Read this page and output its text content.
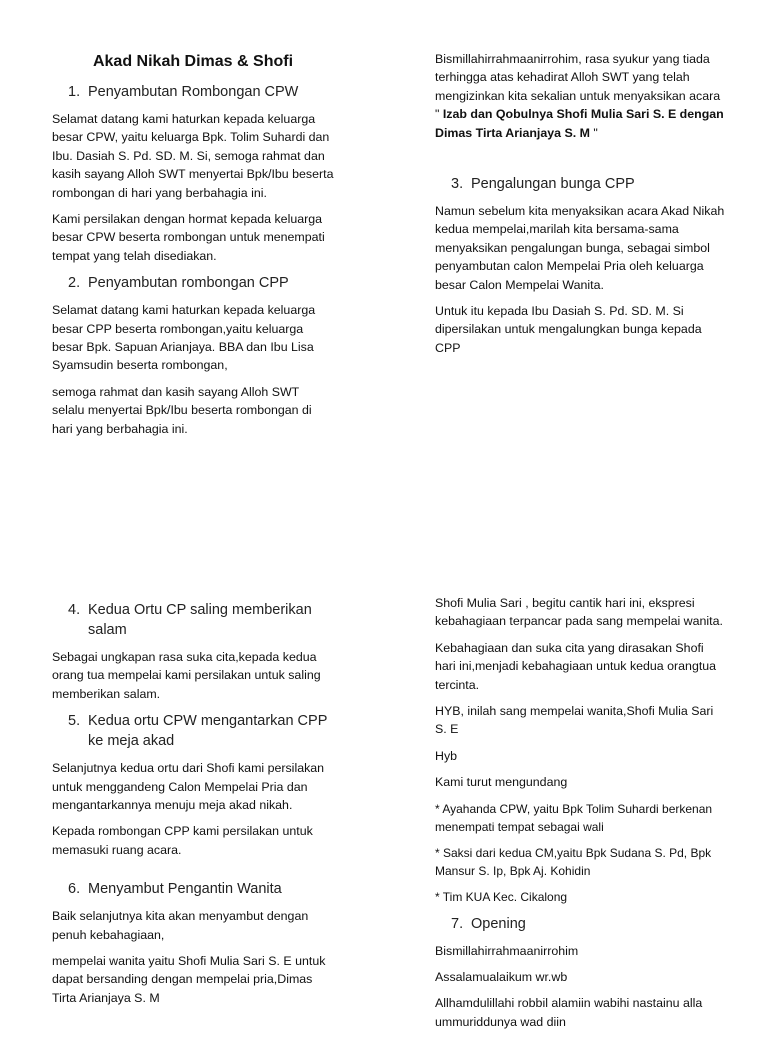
Akad Nikah Dimas & Shofi
1. Penyambutan Rombongan CPW

Selamat datang kami haturkan kepada keluarga besar CPW, yaitu keluarga Bpk. Tolim Suhardi dan Ibu. Dasiah S. Pd. SD. M. Si, semoga rahmat dan kasih sayang Alloh SWT menyertai Bpk/Ibu beserta rombongan di hari yang berbahagia ini.

Kami persilakan dengan hormat kepada keluarga besar CPW beserta rombongan untuk menempati tempat yang telah disediakan.

2. Penyambutan rombongan CPP

Selamat datang kami haturkan kepada keluarga besar CPP beserta rombongan,yaitu keluarga besar Bpk. Sapuan Arianjaya. BBA dan Ibu Lisa Syamsudin beserta rombongan,

semoga rahmat dan kasih sayang Alloh SWT selalu menyertai Bpk/Ibu beserta rombongan di hari yang berbahagia ini.

Bismillahirrahmaanirrohim, rasa syukur yang tiada terhingga atas kehadirat Alloh SWT yang telah mengizinkan kita sekalian untuk menyaksikan acara " Izab dan Qobulnya Shofi Mulia Sari S. E dengan Dimas Tirta Arianjaya S. M "

3. Pengalungan bunga CPP

Namun sebelum kita menyaksikan acara Akad Nikah kedua mempelai,marilah kita bersama-sama menyaksikan pengalungan bunga, sebagai simbol penyambutan calon Mempelai Pria oleh keluarga besar Calon Mempelai Wanita.

Untuk itu kepada Ibu Dasiah S. Pd. SD. M. Si dipersilakan untuk mengalungkan bunga kepada CPP

4. Kedua Ortu CP saling memberikan salam

Sebagai ungkapan rasa suka cita,kepada kedua orang tua mempelai kami persilakan untuk saling memberikan salam.

5. Kedua ortu CPW mengantarkan CPP ke meja akad

Selanjutnya kedua ortu dari Shofi kami persilakan untuk menggandeng Calon Mempelai Pria dan mengantarkannya menuju meja akad nikah.

Kepada rombongan CPP kami persilakan untuk memasuki ruang acara.

6. Menyambut Pengantin Wanita

Baik selanjutnya kita akan menyambut dengan penuh kebahagiaan,

mempelai wanita yaitu Shofi Mulia Sari S. E untuk dapat bersanding dengan mempelai pria,Dimas Tirta Arianjaya S. M

Shofi Mulia Sari , begitu cantik hari ini, ekspresi kebahagiaan terpancar pada sang mempelai wanita.

Kebahagiaan dan suka cita yang dirasakan Shofi hari ini,menjadi kebahagiaan untuk kedua orangtua tercinta.

HYB, inilah sang mempelai wanita,Shofi Mulia Sari S. E

Hyb

Kami turut mengundang

* Ayahanda CPW, yaitu Bpk Tolim Suhardi berkenan menempati tempat sebagai wali

* Saksi dari kedua CM,yaitu Bpk Sudana S. Pd, Bpk Mansur S. Ip, Bpk Aj. Kohidin

* Tim KUA Kec. Cikalong

7. Opening

Bismillahirrahmaanirrohim

Assalamualaikum wr.wb

Allhamdulillahi robbil alamiin wabihi nastainu alla ummuriddunya wad diin
